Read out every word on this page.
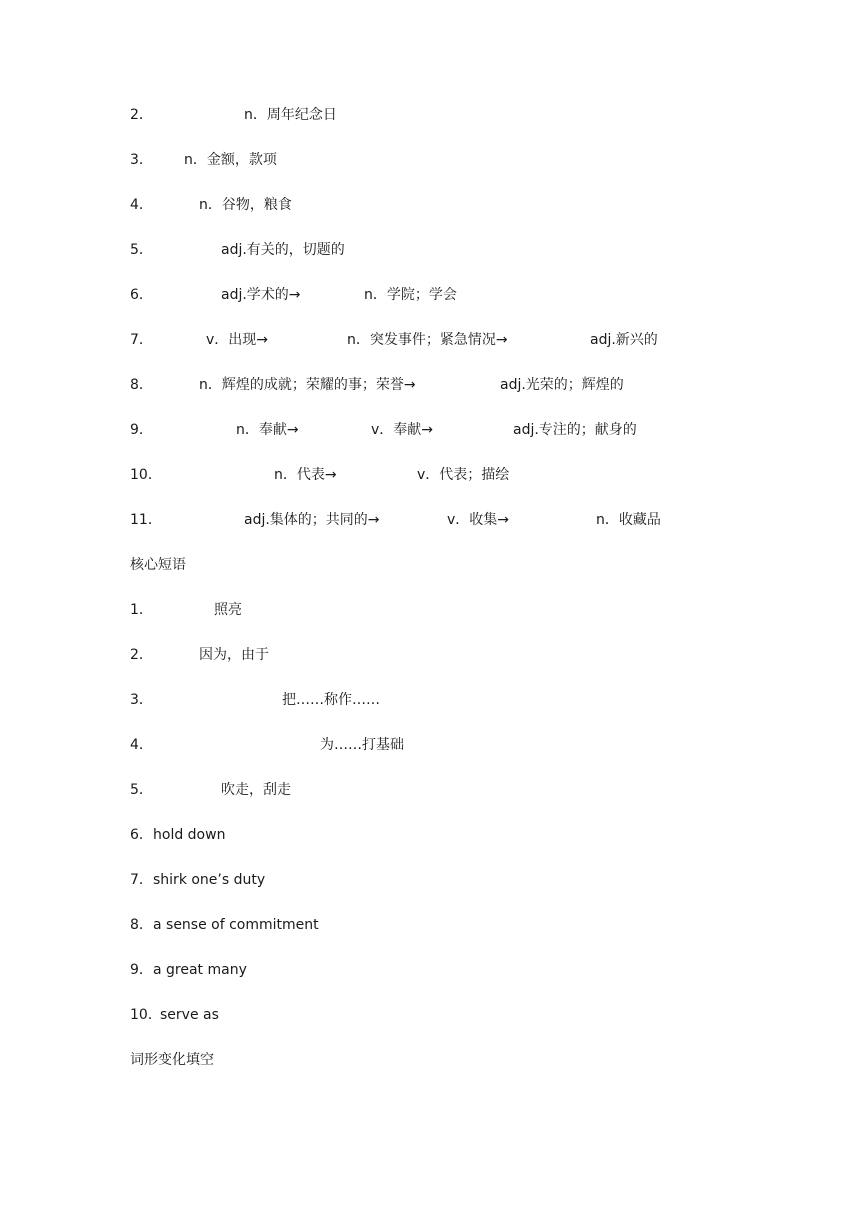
2．	n．周年纪念日
3． n．金额，款项
4．	n．谷物，粮食
5．	adj.有关的，切题的
6．	adj.学术的→	n．学院；学会
7．	v．出现→	n．突发事件；紧急情况→	adj.新兴的
8．	n．辉煌的成就；荣耀的事；荣誉→	adj.光荣的；辉煌的
9．	n．奉献→	v．奉献→	adj.专注的；献身的
10．	n．代表→	v．代表；描绘
11．	adj.集体的；共同的→	v．收集→	n．收藏品
核心短语
1．	照亮
2．	因为，由于
3．	把……称作……
4．	为……打基础
5．	吹走，刮走
6． hold down
7． shirk one’s duty
8． a sense of commitment
9． a great many
10．
serve as
词形变化填空
